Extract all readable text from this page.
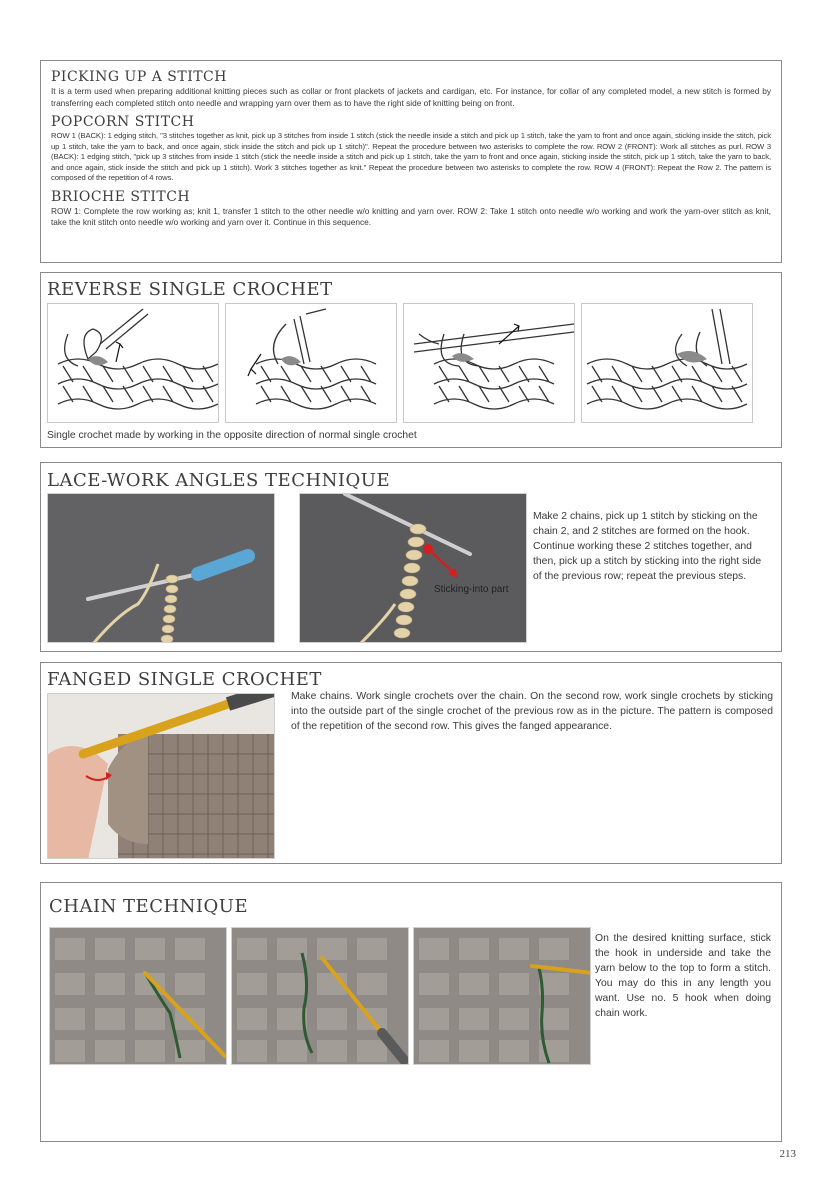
PICKING UP A STITCH

It is a term used when preparing additional knitting pieces such as collar or front plackets of jackets and cardigan, etc. For instance, for collar of any completed model, a new stitch is formed by transferring each completed stitch onto needle and wrapping yarn over them as to have the right side of knitting being on front.

POPCORN STITCH

ROW 1 (BACK): 1 edging stitch, "3 stitches together as knit, pick up 3 stitches from inside 1 stitch (stick the needle inside a stitch and pick up 1 stitch, take the yarn to front and once again, sticking inside the stitch, pick up 1 stitch, take the yarn to back, and once again, stick inside the stitch and pick up 1 stitch)". Repeat the procedure between two asterisks to complete the row. ROW 2 (FRONT): Work all stitches as purl. ROW 3 (BACK): 1 edging stitch, "pick up 3 stitches from inside 1 stitch (stick the needle inside a stitch and pick up 1 stitch, take the yarn to front and once again, sticking inside the stitch, pick up 1 stitch, take the yarn to back, and once again, stick inside the stitch and pick up 1 stitch). Work 3 stitches together as knit." Repeat the procedure between two asterisks to complete the row. ROW 4 (FRONT): Repeat the Row 2. The pattern is composed of the repetition of 4 rows.

BRIOCHE STITCH

ROW 1: Complete the row working as; knit 1, transfer 1 stitch to the other needle w/o knitting and yarn over. ROW 2: Take 1 stitch onto needle w/o working and work the yarn-over stitch as knit, take the knit stitch onto needle w/o working and yarn over it. Continue in this sequence.

REVERSE SINGLE CROCHET
Single crochet made by working in the opposite direction of normal single crochet
LACE-WORK ANGLES TECHNIQUE
Sticking-into part
Make 2 chains, pick up 1 stitch by sticking on the chain 2, and 2 stitches are formed on the hook. Continue working these 2 stitches together, and then, pick up a stitch by sticking into the right side of the previous row; repeat the previous steps.
FANGED SINGLE CROCHET
Make chains. Work single crochets over the chain. On the second row, work single crochets by sticking into the outside part of the single crochet of the previous row as in the picture. The pattern is composed of the repetition of the second row. This gives the fanged appearance.
CHAIN TECHNIQUE
On the desired knitting surface, stick the hook in underside and take the yarn below to the top to form a stitch. You may do this in any length you want. Use no. 5 hook when doing chain work.
213
